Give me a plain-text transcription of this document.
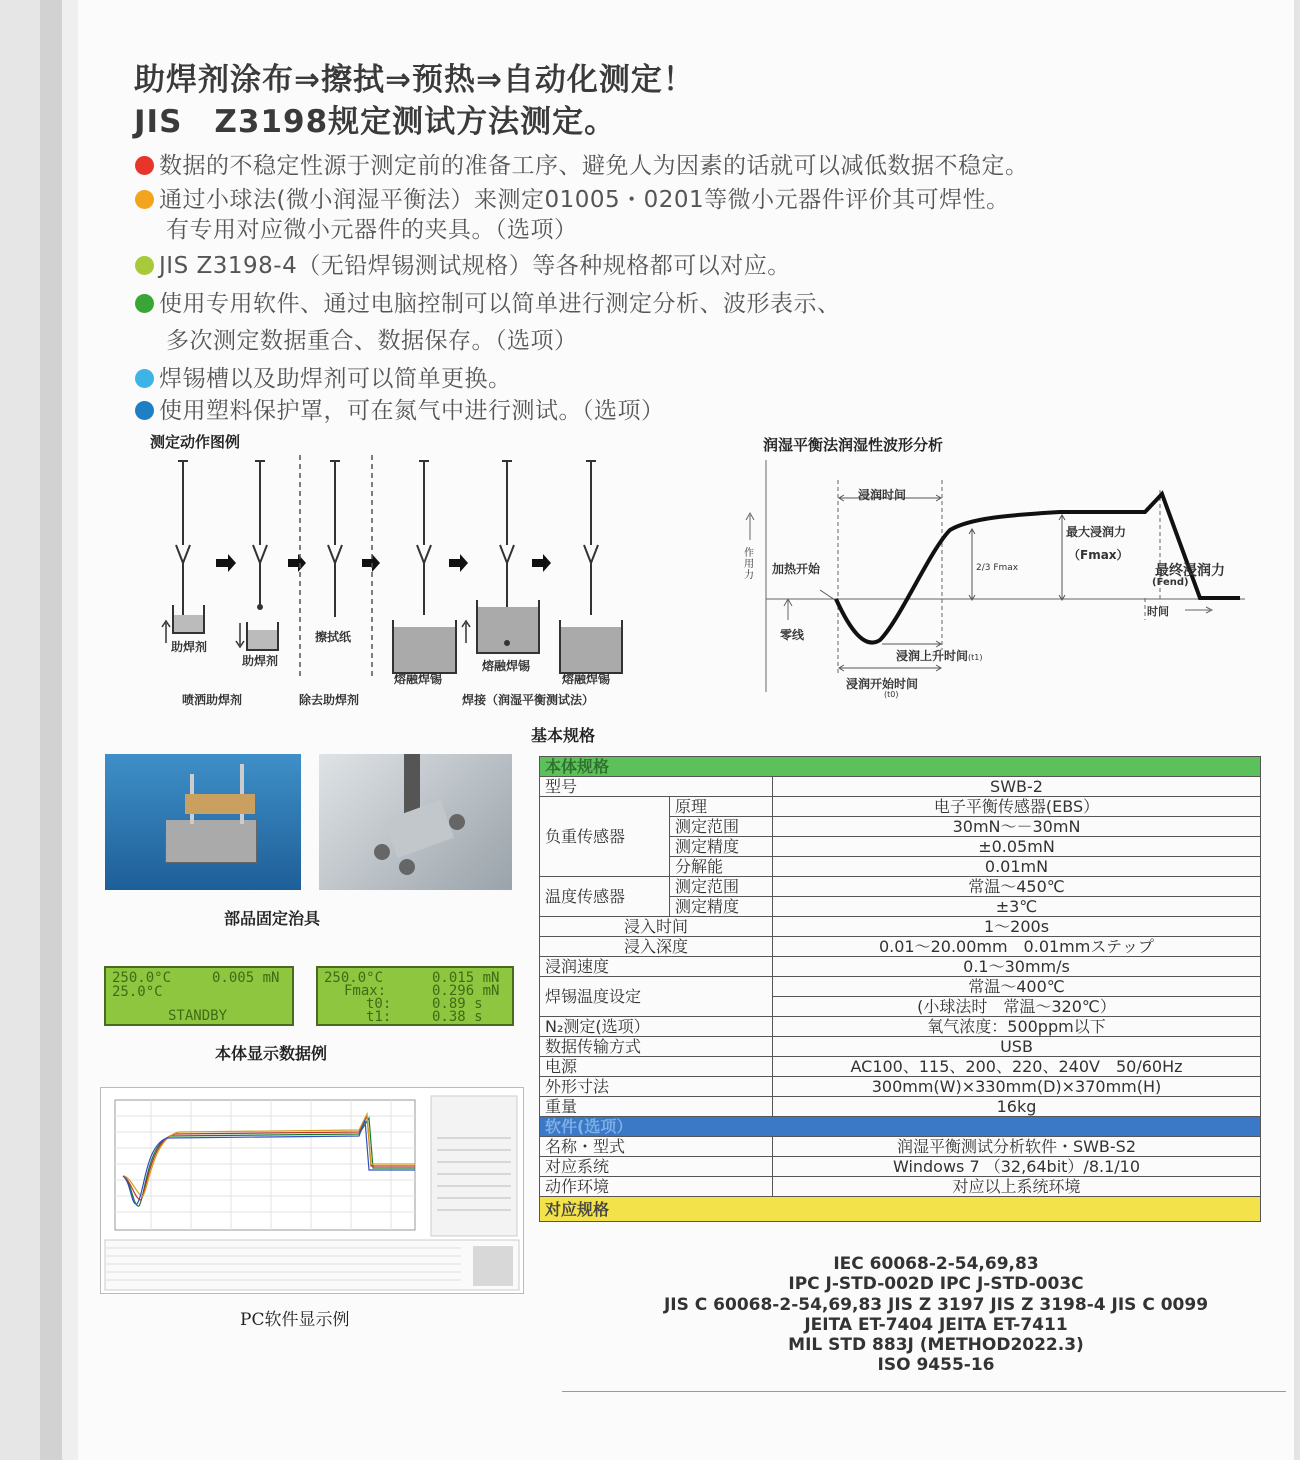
助焊剂涂布⇒擦拭⇒预热⇒自动化测定！
JIS　Z3198规定测试方法测定。
数据的不稳定性源于测定前的准备工序、避免人为因素的话就可以减低数据不稳定。
通过小球法(微小润湿平衡法）来测定01005・0201等微小元器件评价其可焊性。
有专用对应微小元器件的夹具。（选项）
JIS Z3198-4（无铅焊锡测试规格）等各种规格都可以对应。
使用专用软件、通过电脑控制可以简单进行测定分析、波形表示、
多次测定数据重合、数据保存。（选项）
焊锡槽以及助焊剂可以简单更换。
使用塑料保护罩，可在氮气中进行测试。（选项）
测定动作图例
助焊剂
助焊剂
擦拭纸
熔融焊锡
熔融焊锡
熔融焊锡
喷洒助焊剂	除去助焊剂	焊接（润湿平衡测试法）
润湿平衡法润湿性波形分析
作用力
浸润时间
加热开始
零线
2/3 Fmax
最大浸润力
（Fmax）
最终浸润力
(Fend)
时间
浸润上升时间(t1)
浸润开始时间
(t0)
基本规格
部品固定治具
250.0°C
25.0°C
0.005 mN
STANDBY
250.0°C
Fmax:
t0:
t1:
0.015 mN
0.296 mN
0.89 s
0.38 s
本体显示数据例
PC软件显示例
本体规格		
型号		SWB-2
负重传感器	原理	电子平衡传感器(EBS）
	测定范围	30mN～－30mN
	测定精度	±0.05mN
	分解能	0.01mN
温度传感器	测定范围	常温～450℃
	测定精度	±3℃
浸入时间		1～200s
浸入深度		0.01～20.00mm　0.01mmステップ
浸润速度		0.1～30mm/s
焊锡温度设定		常温～400℃
		(小球法时　常温～320℃）
N₂测定(选项）		氧气浓度：500ppm以下
数据传输方式		USB
电源		AC100、115、200、220、240V　50/60Hz
外形寸法		300mm(W)×330mm(D)×370mm(H)
重量		16kg
软件(选项）		
名称・型式		润湿平衡测试分析软件・SWB-S2
对应系统		Windows 7 （32,64bit）/8.1/10
动作环境		对应以上系统环境
对应规格		
IEC 60068-2-54,69,83
IPC J-STD-002D IPC J-STD-003C
JIS C 60068-2-54,69,83 JIS Z 3197 JIS Z 3198-4 JIS C 0099
JEITA ET-7404 JEITA ET-7411
MIL STD 883J (METHOD2022.3)
ISO 9455-16
